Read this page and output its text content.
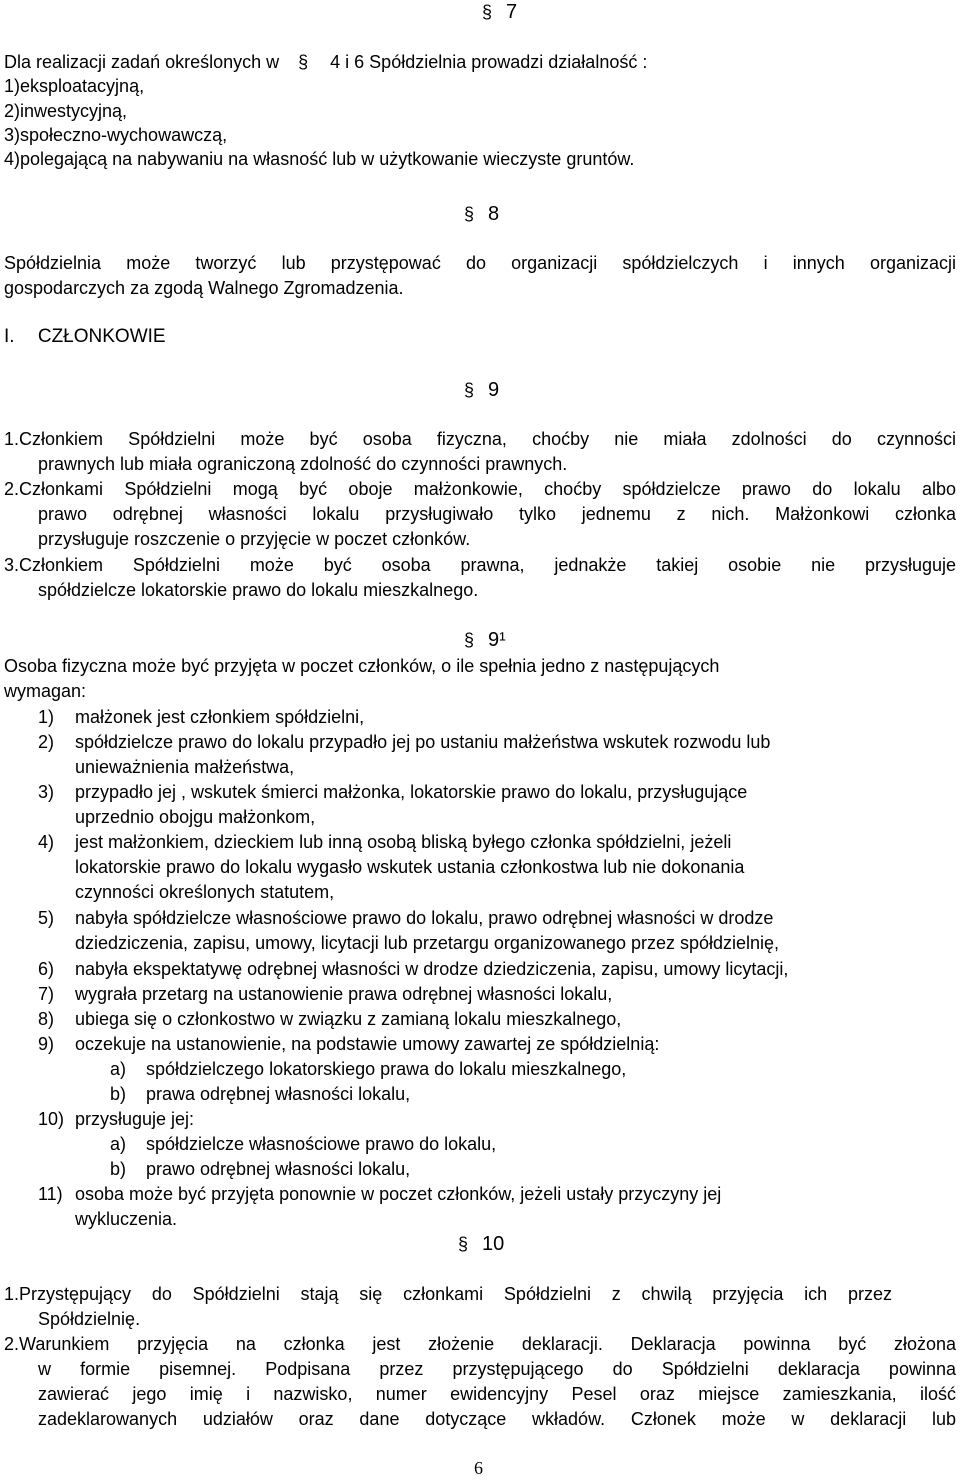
§ 7
Dla realizacji zadań określonych w § 4 i 6 Spółdzielnia prowadzi działalność :
1)eksploatacyjną,
2)inwestycyjną,
3)społeczno-wychowawczą,
4)polegającą na nabywaniu na własność lub w użytkowanie wieczyste gruntów.
§ 8
Spółdzielnia może tworzyć lub przystępować do organizacji spółdzielczych i innych organizacji
gospodarczych za zgodą Walnego Zgromadzenia.
I. CZŁONKOWIE
§ 9
1.Członkiem Spółdzielni może być osoba fizyczna, choćby nie miała zdolności do czynności
prawnych lub miała ograniczoną zdolność do czynności prawnych.
2.Członkami Spółdzielni mogą być oboje małżonkowie, choćby spółdzielcze prawo do lokalu albo
prawo odrębnej własności lokalu przysługiwało tylko jednemu z nich. Małżonkowi członka
przysługuje roszczenie o przyjęcie w poczet członków.
3.Członkiem Spółdzielni może być osoba prawna, jednakże takiej osobie nie przysługuje
spółdzielcze lokatorskie prawo do lokalu mieszkalnego.
§ 9¹
Osoba fizyczna może być przyjęta w poczet członków, o ile spełnia jedno z następujących
wymagan:
1) małżonek jest członkiem spółdzielni,
2) spółdzielcze prawo do lokalu przypadło jej po ustaniu małżeństwa wskutek rozwodu lub
unieważnienia małżeństwa,
3) przypadło jej , wskutek śmierci małżonka, lokatorskie prawo do lokalu, przysługujące
uprzednio obojgu małżonkom,
4) jest małżonkiem, dzieckiem lub inną osobą bliską byłego członka spółdzielni, jeżeli
lokatorskie prawo do lokalu wygasło wskutek ustania członkostwa lub nie dokonania
czynności określonych statutem,
5) nabyła spółdzielcze własnościowe prawo do lokalu, prawo odrębnej własności w drodze
dziedziczenia, zapisu, umowy, licytacji lub przetargu organizowanego przez spółdzielnię,
6) nabyła ekspektatywę odrębnej własności w drodze dziedziczenia, zapisu, umowy licytacji,
7) wygrała przetarg na ustanowienie prawa odrębnej własności lokalu,
8) ubiega się o członkostwo w związku z zamianą lokalu mieszkalnego,
9) oczekuje na ustanowienie, na podstawie umowy zawartej ze spółdzielnią:
a) spółdzielczego lokatorskiego prawa do lokalu mieszkalnego,
b) prawa odrębnej własności lokalu,
10) przysługuje jej:
a) spółdzielcze własnościowe prawo do lokalu,
b) prawo odrębnej własności lokalu,
11) osoba może być przyjęta ponownie w poczet członków, jeżeli ustały przyczyny jej
wykluczenia.
§ 10
1.Przystępujący do Spółdzielni stają się członkami Spółdzielni z chwilą przyjęcia ich przez
Spółdzielnię.
2.Warunkiem przyjęcia na członka jest złożenie deklaracji. Deklaracja powinna być złożona
w formie pisemnej. Podpisana przez przystępującego do Spółdzielni deklaracja powinna
zawierać jego imię i nazwisko, numer ewidencyjny Pesel oraz miejsce zamieszkania, ilość
zadeklarowanych udziałów oraz dane dotyczące wkładów. Członek może w deklaracji lub
6
